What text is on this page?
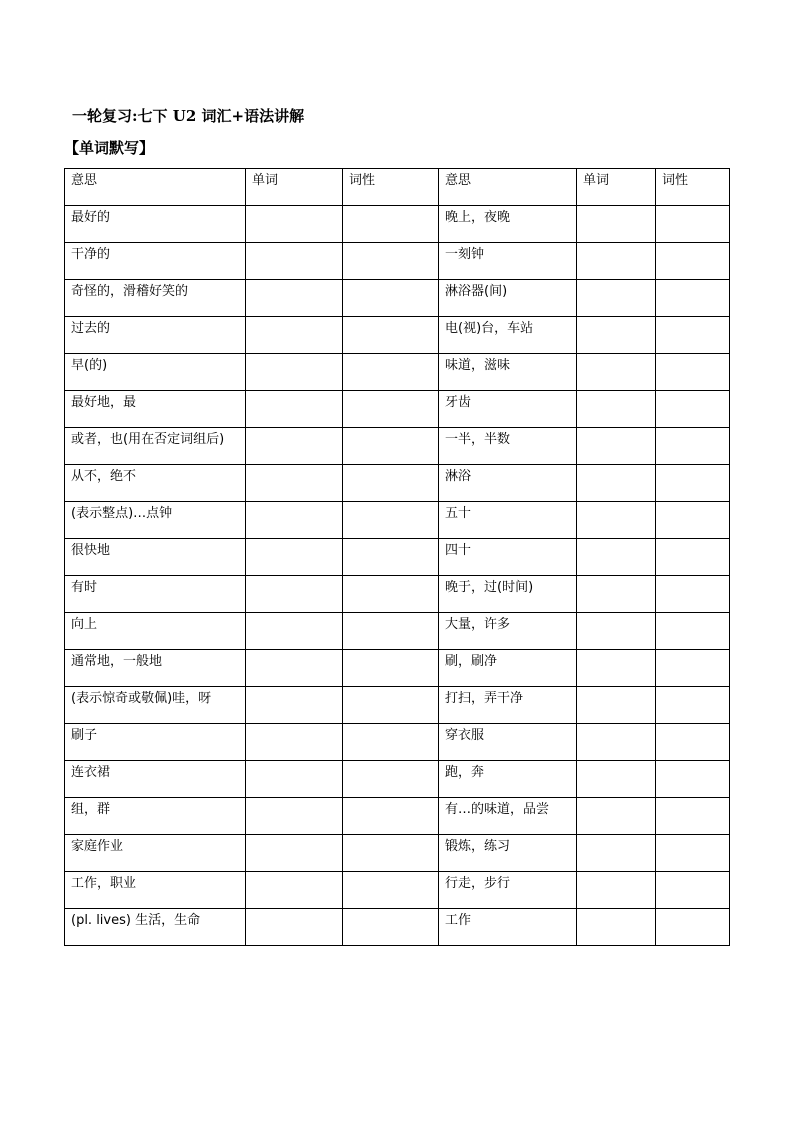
一轮复习:七下 U2 词汇+语法讲解
【单词默写】
意思	单词	词性	意思	单词	词性
最好的			晚上，夜晚		
干净的			一刻钟		
奇怪的，滑稽好笑的			淋浴器(间)		
过去的			电(视)台，车站		
早(的)			味道，滋味		
最好地，最			牙齿		
或者，也(用在否定词组后)			一半，半数		
从不，绝不			淋浴		
(表示整点)…点钟			五十		
很快地			四十		
有时			晚于，过(时间)		
向上			大量，许多		
通常地，一般地			刷，刷净		
(表示惊奇或敬佩)哇，呀			打扫，弄干净		
刷子			穿衣服		
连衣裙			跑，奔		
组，群			有…的味道，品尝		
家庭作业			锻炼，练习		
工作，职业			行走，步行		
(pl. lives) 生活，生命			工作		
